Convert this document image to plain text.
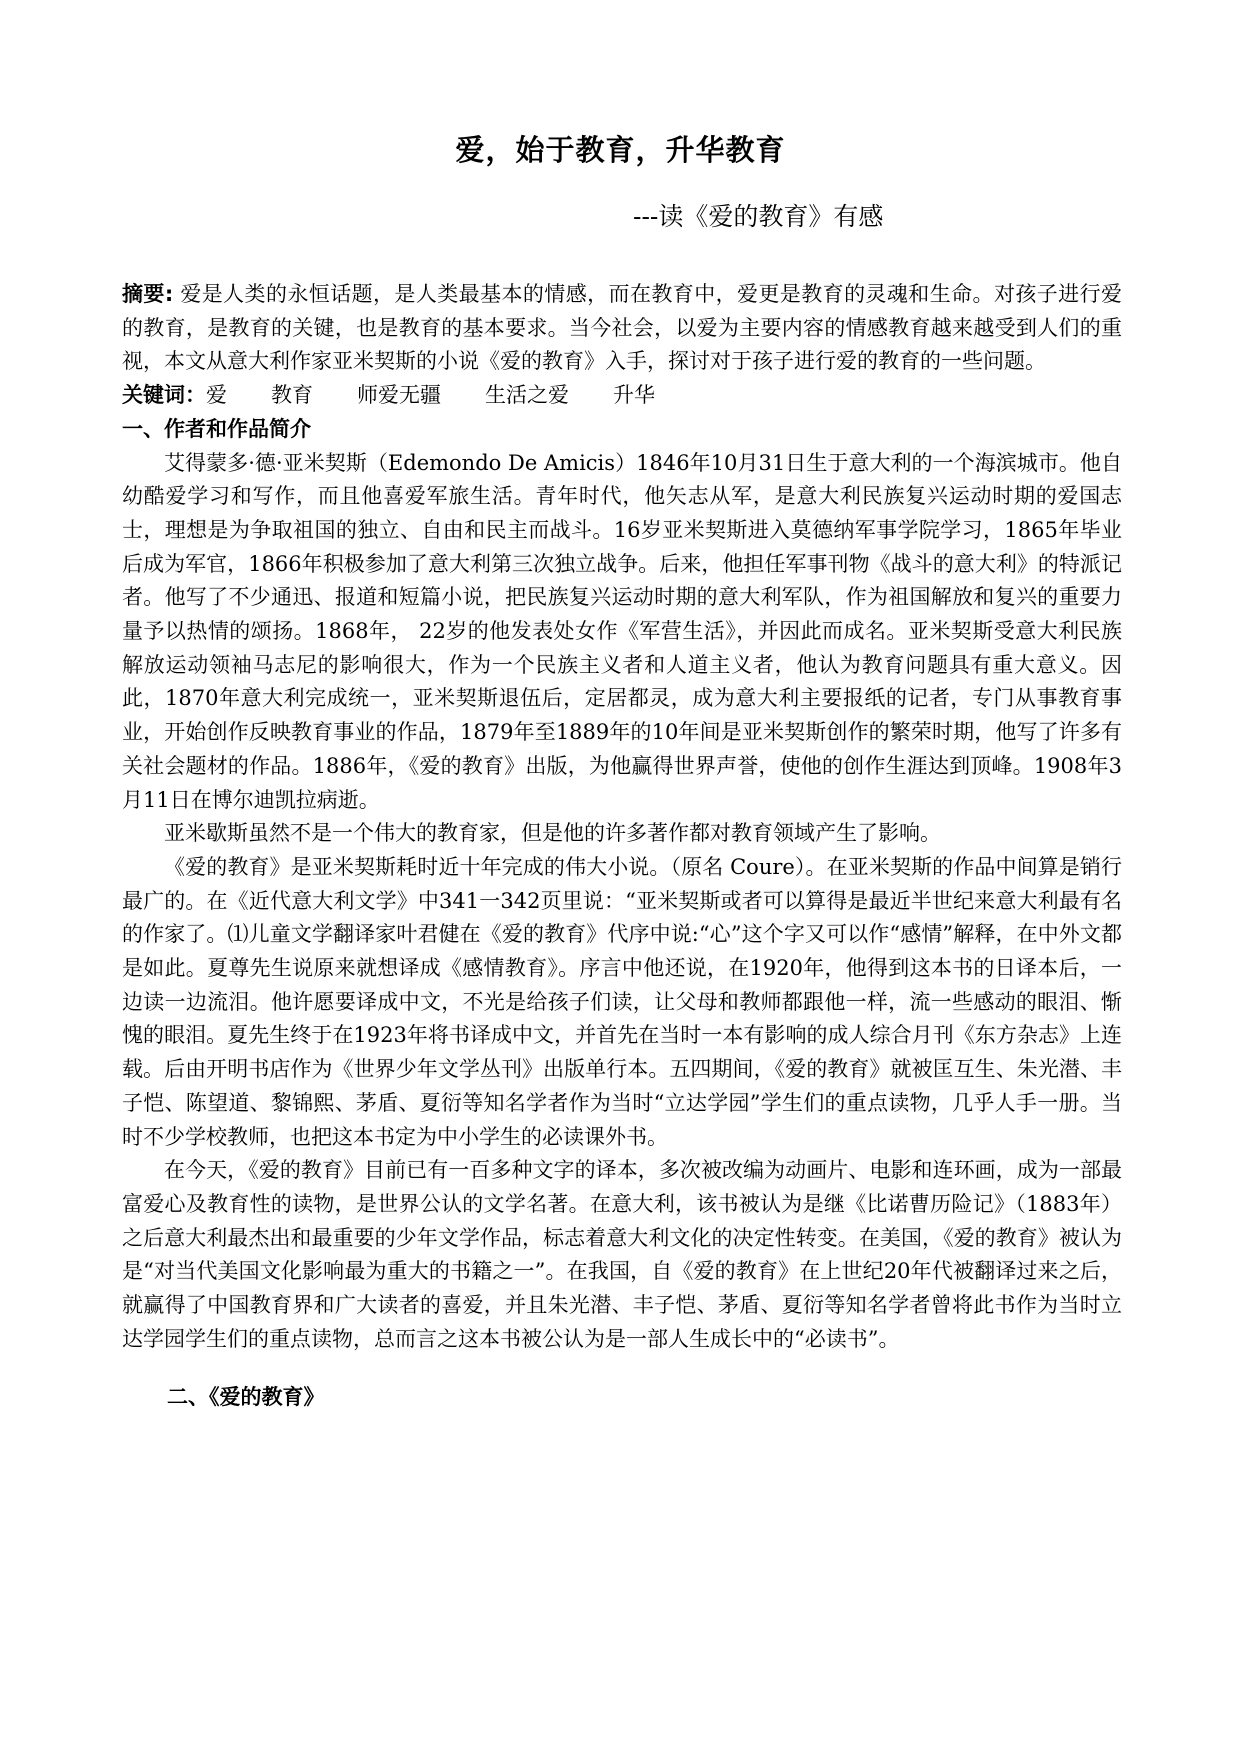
爱，始于教育，升华教育
---读《爱的教育》有感

摘要: 爱是人类的永恒话题，是人类最基本的情感，而在教育中，爱更是教育的灵魂和生命。对孩子进行爱的教育，是教育的关键，也是教育的基本要求。当今社会，以爱为主要内容的情感教育越来越受到人们的重视，本文从意大利作家亚米契斯的小说《爱的教育》入手，探讨对于孩子进行爱的教育的一些问题。

关键词：爱 教育 师爱无疆 生活之爱 升华

一、作者和作品简介

艾得蒙多·德·亚米契斯（Edemondo De Amicis）1846年10月31日生于意大利的一个海滨城市。他自幼酷爱学习和写作，而且他喜爱军旅生活。青年时代，他矢志从军，是意大利民族复兴运动时期的爱国志士，理想是为争取祖国的独立、自由和民主而战斗。16岁亚米契斯进入莫德纳军事学院学习，1865年毕业后成为军官，1866年积极参加了意大利第三次独立战争。后来，他担任军事刊物《战斗的意大利》的特派记者。他写了不少通迅、报道和短篇小说，把民族复兴运动时期的意大利军队，作为祖国解放和复兴的重要力量予以热情的颂扬。1868年， 22岁的他发表处女作《军营生活》，并因此而成名。亚米契斯受意大利民族解放运动领袖马志尼的影响很大，作为一个民族主义者和人道主义者，他认为教育问题具有重大意义。因此，1870年意大利完成统一，亚米契斯退伍后，定居都灵，成为意大利主要报纸的记者，专门从事教育事业，开始创作反映教育事业的作品，1879年至1889年的10年间是亚米契斯创作的繁荣时期，他写了许多有关社会题材的作品。1886年，《爱的教育》出版，为他赢得世界声誉，使他的创作生涯达到顶峰。1908年3月11日在博尔迪凯拉病逝。

亚米歇斯虽然不是一个伟大的教育家，但是他的许多著作都对教育领域产生了影响。

《爱的教育》是亚米契斯耗时近十年完成的伟大小说。（原名 Coure）。在亚米契斯的作品中间算是销行最广的。在《近代意大利文学》中341一342页里说：“亚米契斯或者可以算得是最近半世纪来意大利最有名的作家了。⑴儿童文学翻译家叶君健在《爱的教育》代序中说:“心”这个字又可以作“感情”解释，在中外文都是如此。夏尊先生说原来就想译成《感情教育》。序言中他还说，在1920年，他得到这本书的日译本后，一边读一边流泪。他许愿要译成中文，不光是给孩子们读，让父母和教师都跟他一样，流一些感动的眼泪、惭愧的眼泪。夏先生终于在1923年将书译成中文，并首先在当时一本有影响的成人综合月刊《东方杂志》上连载。后由开明书店作为《世界少年文学丛刊》出版单行本。五四期间，《爱的教育》就被匡互生、朱光潜、丰子恺、陈望道、黎锦熙、茅盾、夏衍等知名学者作为当时“立达学园”学生们的重点读物，几乎人手一册。当时不少学校教师，也把这本书定为中小学生的必读课外书。

在今天，《爱的教育》目前已有一百多种文字的译本，多次被改编为动画片、电影和连环画，成为一部最富爱心及教育性的读物，是世界公认的文学名著。在意大利，该书被认为是继《比诺曹历险记》（1883年）之后意大利最杰出和最重要的少年文学作品，标志着意大利文化的决定性转变。在美国，《爱的教育》被认为是“对当代美国文化影响最为重大的书籍之一”。在我国，自《爱的教育》在上世纪20年代被翻译过来之后，就赢得了中国教育界和广大读者的喜爱，并且朱光潜、丰子恺、茅盾、夏衍等知名学者曾将此书作为当时立达学园学生们的重点读物，总而言之这本书被公认为是一部人生成长中的“必读书”。

二、《爱的教育》
